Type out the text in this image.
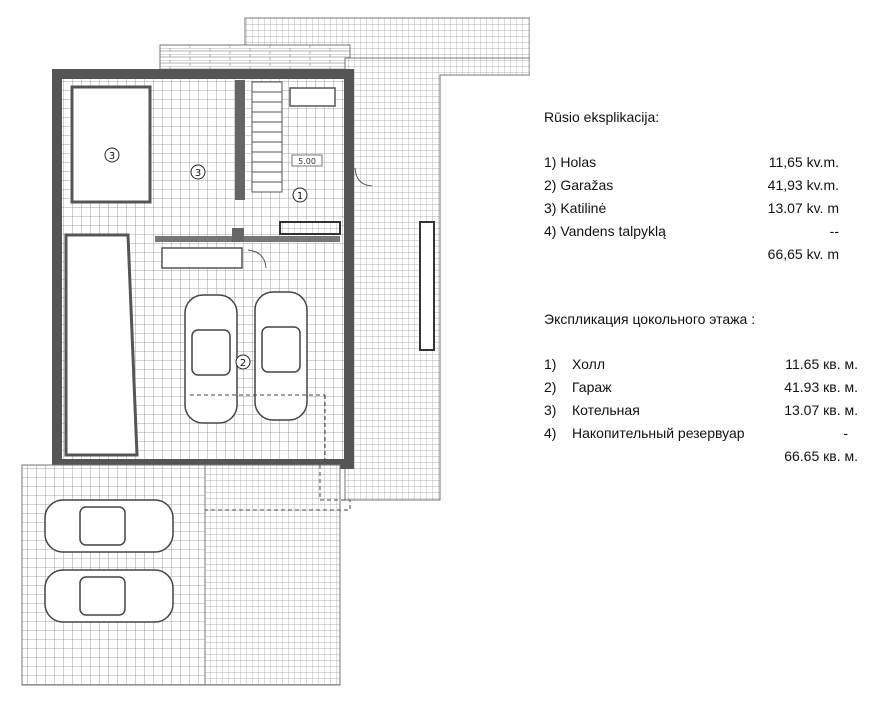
1
2
3
3	5.00
Rūsio eksplikacija:
1) Holas	11,65 kv.m.
2) Garažas	41,93 kv.m.
3) Katilinė	13.07 kv. m
4) Vandens talpyklą	--
66,65 kv. m
Экспликация цокольного этажа :
1) Холл	11.65 кв. м.
2) Гараж	41.93 кв. м.
3) Котельная	13.07 кв. м.
4) Накопительный резервуар	-
66.65 кв. м.
